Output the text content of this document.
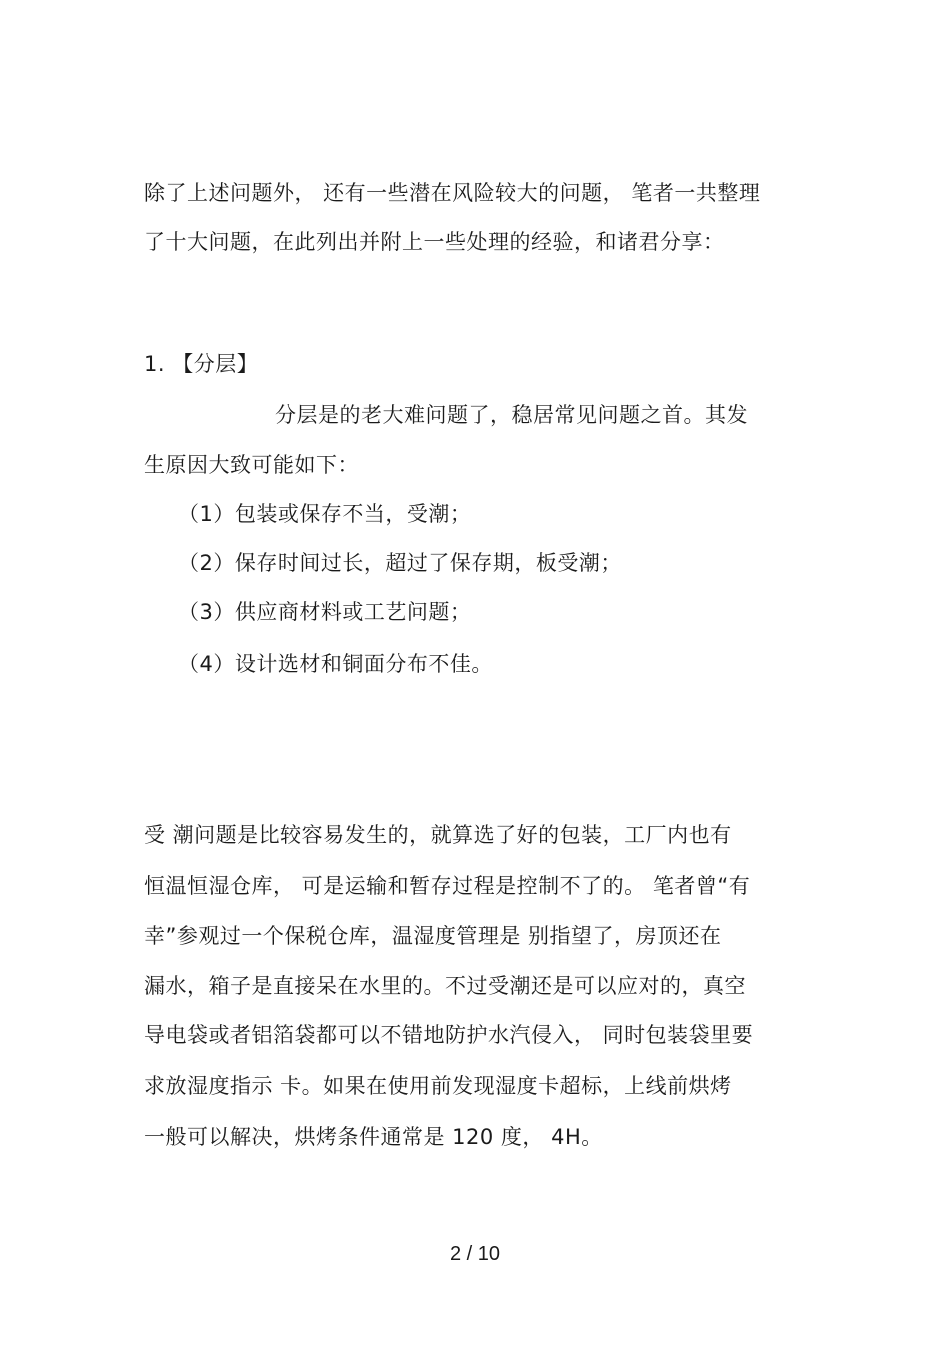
除了上述问题外， 还有一些潜在风险较大的问题， 笔者一共整理
了十大问题，在此列出并附上一些处理的经验，和诸君分享：
1. 【分层】
分层是的老大难问题了，稳居常见问题之首。其发
生原因大致可能如下：
（1）包装或保存不当，受潮；
（2）保存时间过长，超过了保存期，板受潮；
（3）供应商材料或工艺问题；
（4）设计选材和铜面分布不佳。
受 潮问题是比较容易发生的，就算选了好的包装，工厂内也有
恒温恒湿仓库， 可是运输和暂存过程是控制不了的。 笔者曾“有
幸”参观过一个保税仓库，温湿度管理是 别指望了，房顶还在
漏水，箱子是直接呆在水里的。不过受潮还是可以应对的，真空
导电袋或者铝箔袋都可以不错地防护水汽侵入， 同时包装袋里要
求放湿度指示 卡。如果在使用前发现湿度卡超标，上线前烘烤
一般可以解决，烘烤条件通常是 120 度， 4H。
2 / 10
